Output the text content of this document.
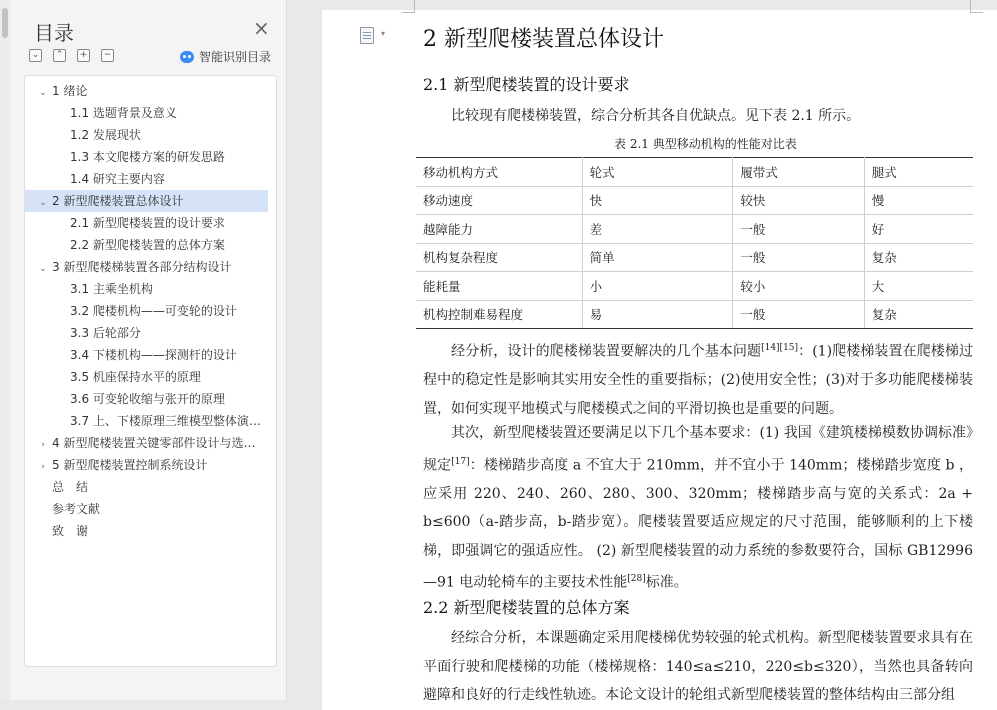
目录	×
⌄	⌃	+	−	智能识别目录
⌄ 1 绪论
1.1 选题背景及意义
1.2 发展现状
1.3 本文爬楼方案的研发思路
1.4 研究主要内容
⌄ 2 新型爬楼装置总体设计
2.1 新型爬楼装置的设计要求
2.2 新型爬楼装置的总体方案
⌄ 3 新型爬楼梯装置各部分结构设计
3.1 主乘坐机构
3.2 爬楼机构——可变轮的设计
3.3 后轮部分
3.4 下楼机构——探测杆的设计
3.5 机座保持水平的原理
3.6 可变轮收缩与张开的原理
3.7 上、下楼原理三维模型整体演…
› 4 新型爬楼装置关键零部件设计与选…
› 5 新型爬楼装置控制系统设计
总　结
参考文献
致　谢
▾ 2 新型爬楼装置总体设计
2.1 新型爬楼装置的设计要求
比较现有爬楼梯装置，综合分析其各自优缺点。见下表 2.1 所示。
表 2.1 典型移动机构的性能对比表
移动机构方式	轮式	履带式	腿式
移动速度	快	较快	慢
越障能力	差	一般	好
机构复杂程度	简单	一般	复杂
能耗量	小	较小	大
机构控制难易程度	易	一般	复杂
经分析，设计的爬楼梯装置要解决的几个基本问题[14][15]：(1)爬楼梯装置在爬楼梯过程中的稳定性是影响其实用安全性的重要指标；(2)使用安全性；(3)对于多功能爬楼梯装置，如何实现平地模式与爬楼模式之间的平滑切换也是重要的问题。
其次，新型爬楼装置还要满足以下几个基本要求：(1) 我国《建筑楼梯模数协调标准》规定[17]：楼梯踏步高度 a 不宜大于 210mm，并不宜小于 140mm；楼梯踏步宽度 b ，应采用 220、240、260、280、300、320mm；楼梯踏步高与宽的关系式：2a + b≤600（a-踏步高，b-踏步宽）。爬楼装置要适应规定的尺寸范围，能够顺利的上下楼梯，即强调它的强适应性。 (2) 新型爬楼装置的动力系统的参数要符合，国标 GB12996—91 电动轮椅车的主要技术性能[28]标准。
2.2 新型爬楼装置的总体方案
经综合分析，本课题确定采用爬楼梯优势较强的轮式机构。新型爬楼装置要求具有在平面行驶和爬楼梯的功能（楼梯规格：140≤a≤210，220≤b≤320），当然也具备转向避障和良好的行走线性轨迹。本论文设计的轮组式新型爬楼装置的整体结构由三部分组
